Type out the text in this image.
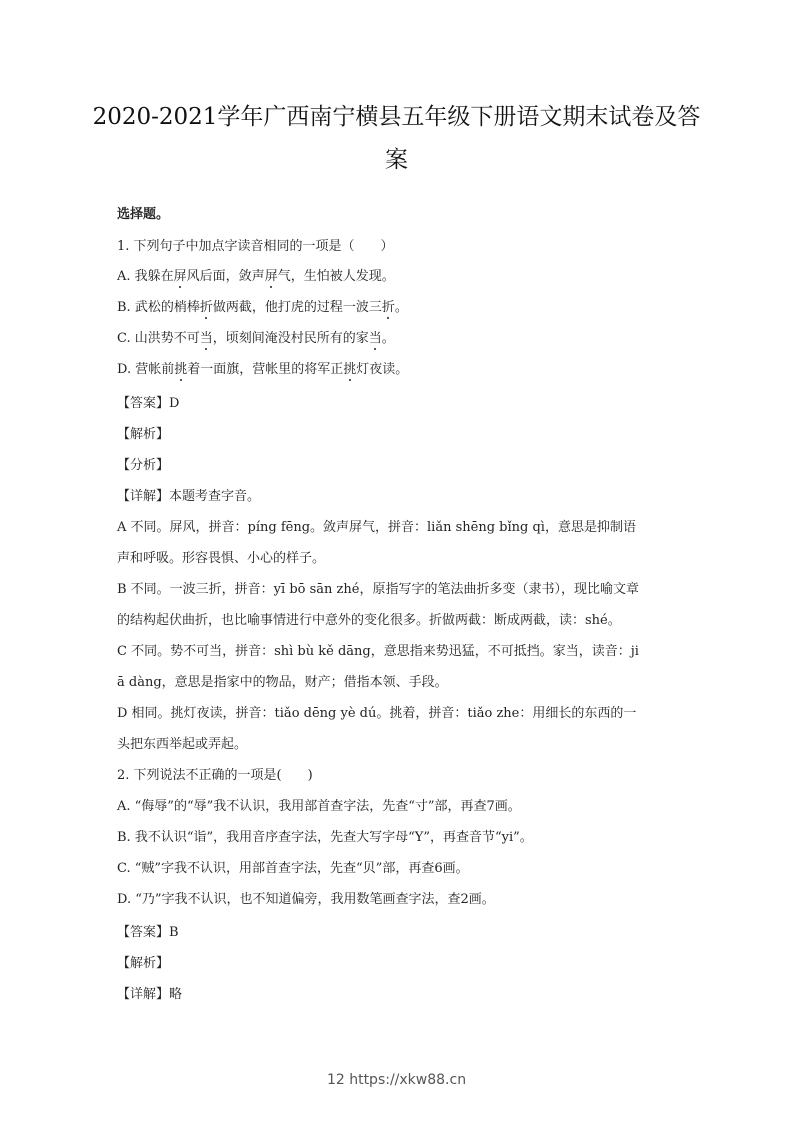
2020-2021学年广西南宁横县五年级下册语文期末试卷及答
案
选择题。
1. 下列句子中加点字读音相同的一项是（　　）
A. 我躲在屏风后面，敛声屏气，生怕被人发现。
B. 武松的梢棒折做两截，他打虎的过程一波三折。
C. 山洪势不可当，顷刻间淹没村民所有的家当。
D. 营帐前挑着一面旗，营帐里的将军正挑灯夜读。
【答案】D
【解析】
【分析】
【详解】本题考查字音。
A 不同。屏风，拼音：píng fēng。敛声屏气，拼音：liǎn shēng bǐng qì，意思是抑制语
声和呼吸。形容畏惧、小心的样子。
B 不同。一波三折，拼音：yī bō sān zhé，原指写字的笔法曲折多变（隶书），现比喻文章
的结构起伏曲折，也比喻事情进行中意外的变化很多。折做两截：断成两截，读：shé。
C 不同。势不可当，拼音：shì bù kě dāng，意思指来势迅猛，不可抵挡。家当，读音：ji
ā dàng，意思是指家中的物品，财产；借指本领、手段。
D 相同。挑灯夜读，拼音：tiǎo dēng yè dú。挑着，拼音：tiǎo zhe：用细长的东西的一
头把东西举起或弄起。
2. 下列说法不正确的一项是(　　)
A. “侮辱”的“辱”我不认识，我用部首查字法，先查“寸”部，再查7画。
B. 我不认识“诣”，我用音序查字法，先查大写字母“Y”，再查音节“yi”。
C. “贼”字我不认识，用部首查字法，先查“贝”部，再查6画。
D. “乃”字我不认识，也不知道偏旁，我用数笔画查字法，查2画。
【答案】B
【解析】
【详解】略
12 https://xkw88.cn
